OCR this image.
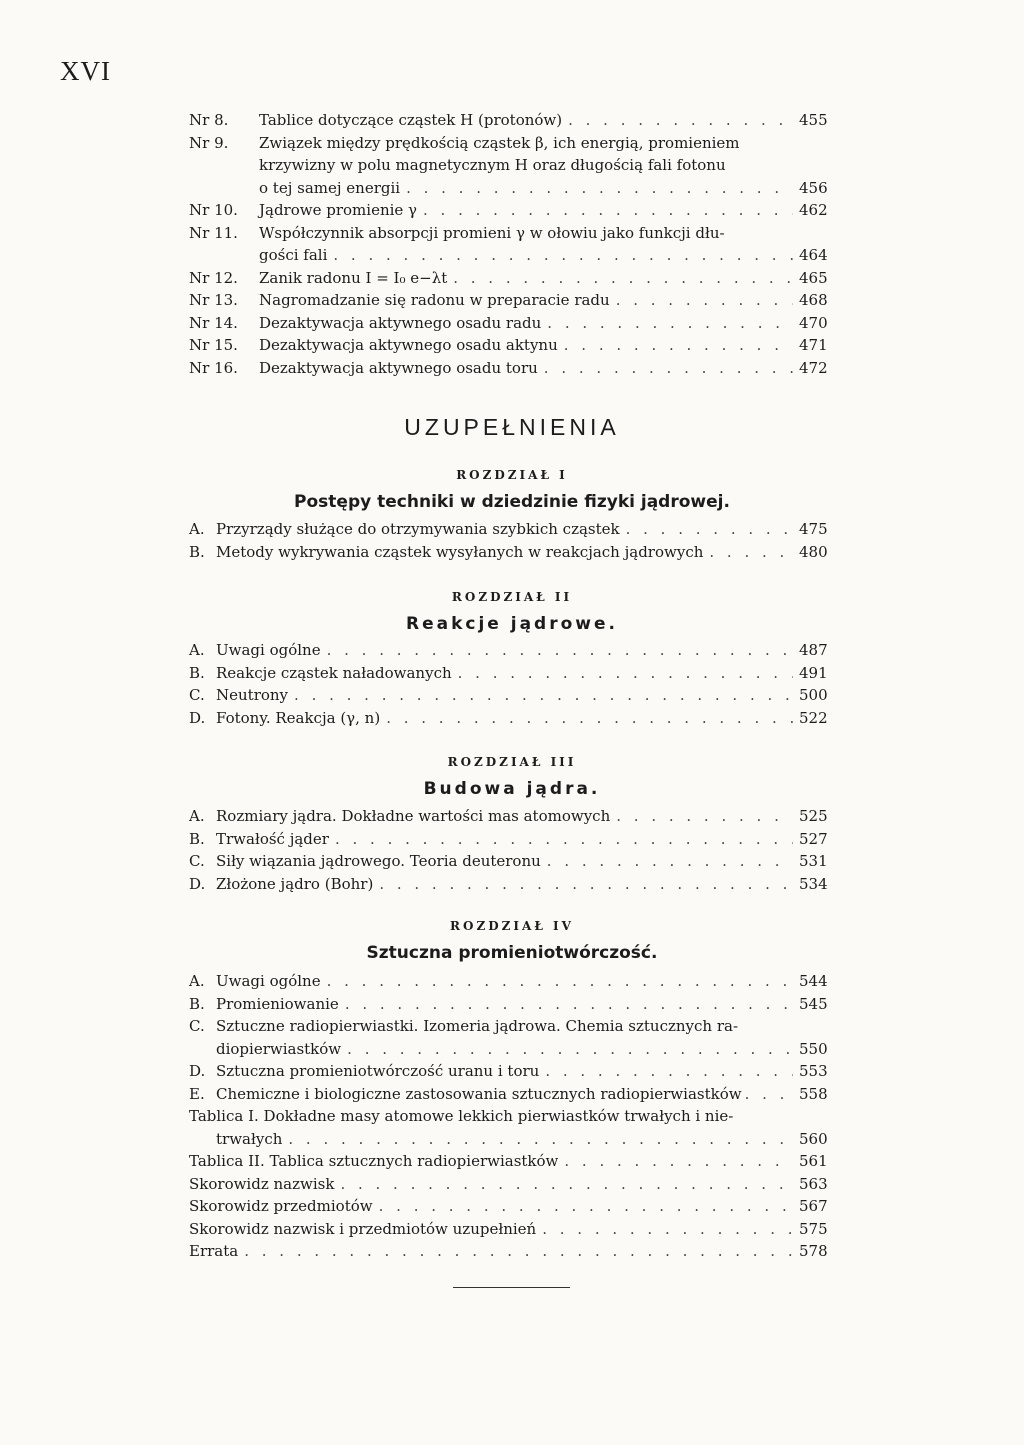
XVI
Nr 8.	Tablice dotyczące cząstek H (protonów) . . .	455
Nr 9.	Związek między prędkością cząstek β, ich energią, promieniem
krzywizny w polu magnetycznym H oraz długością fali fotonu
o tej samej energii . . .	456
Nr 10.	Jądrowe promienie γ . . .	462
Nr 11.	Współczynnik absorpcji promieni γ w ołowiu jako funkcji dłu-
gości fali . . .	464
Nr 12.	Zanik radonu I = I₀ e−λt . . .	465
Nr 13.	Nagromadzanie się radonu w preparacie radu . . .	468
Nr 14.	Dezaktywacja aktywnego osadu radu . . .	470
Nr 15.	Dezaktywacja aktywnego osadu aktynu . . .	471
Nr 16.	Dezaktywacja aktywnego osadu toru . . .	472
UZUPEŁNIENIA
ROZDZIAŁ I
Postępy techniki w dziedzinie fizyki jądrowej.
A. Przyrządy służące do otrzymywania szybkich cząstek . . .	475
B. Metody wykrywania cząstek wysyłanych w reakcjach jądrowych . . .	480
ROZDZIAŁ II
Reakcje jądrowe.
A. Uwagi ogólne . . .	487
B. Reakcje cząstek naładowanych . . .	491
C. Neutrony . . .	500
D. Fotony. Reakcja (γ, n) . . .	522
ROZDZIAŁ III
Budowa jądra.
A. Rozmiary jądra. Dokładne wartości mas atomowych . . .	525
B. Trwałość jąder . . .	527
C. Siły wiązania jądrowego. Teoria deuteronu . . .	531
D. Złożone jądro (Bohr) . . .	534
ROZDZIAŁ IV
Sztuczna promieniotwórczość.
A. Uwagi ogólne . . .	544
B. Promieniowanie . . .	545
C. Sztuczne radiopierwiastki. Izomeria jądrowa. Chemia sztucznych ra-
diopierwiastków . . .	550
D. Sztuczna promieniotwórczość uranu i toru . . .	553
E. Chemiczne i biologiczne zastosowania sztucznych radiopierwiastków . . .	558
Tablica I. Dokładne masy atomowe lekkich pierwiastków trwałych i nie-
trwałych . . .	560
Tablica II. Tablica sztucznych radiopierwiastków . . .	561
Skorowidz nazwisk . . .	563
Skorowidz przedmiotów . . .	567
Skorowidz nazwisk i przedmiotów uzupełnień . . .	575
Errata . . .	578
